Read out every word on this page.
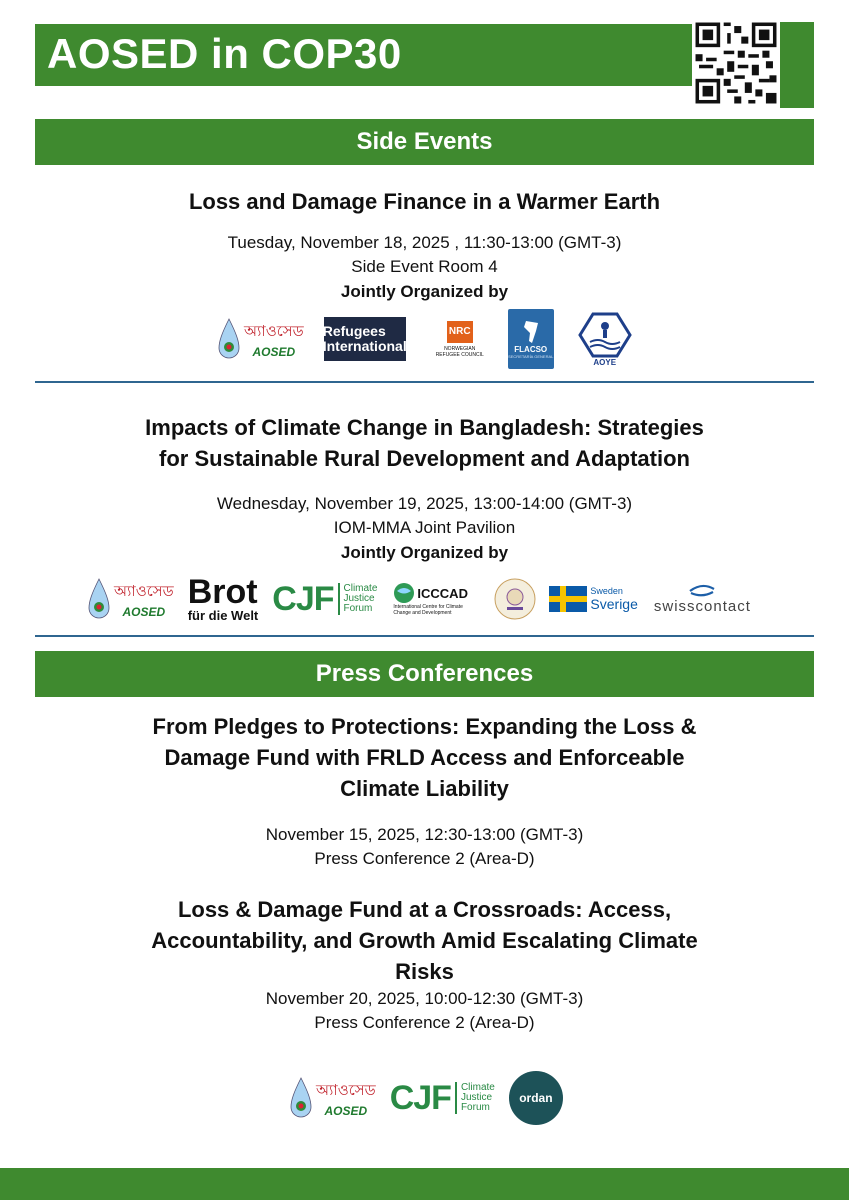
AOSED in COP30
Side Events
Loss and Damage Finance in a Warmer Earth
Tuesday, November 18, 2025 , 11:30-13:00 (GMT-3)
Side Event Room 4
Jointly Organized by
অ্যাওসেড
AOSED
Refugees International
NRC
NORWEGIAN REFUGEE COUNCIL
FLACSO
SECRETARÍA GENERAL
AOYE
Impacts of Climate Change in Bangladesh: Strategies
for Sustainable Rural Development and Adaptation
Wednesday, November 19, 2025, 13:00-14:00 (GMT-3)
IOM-MMA Joint Pavilion
Jointly Organized by
অ্যাওসেড
AOSED
Brot
für die Welt CJF Climate
Justice
Forum
ICCCAD
International Centre for Climate Change and Development
Sweden
Sverige swisscontact
Press Conferences
From Pledges to Protections: Expanding the Loss &
Damage Fund with FRLD Access and Enforceable
Climate Liability
November 15, 2025, 12:30-13:00 (GMT-3)
Press Conference 2 (Area-D)
Loss & Damage Fund at a Crossroads: Access,
Accountability, and Growth Amid Escalating Climate
Risks
November 20, 2025, 10:00-12:30 (GMT-3)
Press Conference 2 (Area-D)
অ্যাওসেড
AOSED CJF Climate
Justice
Forum
ordan
